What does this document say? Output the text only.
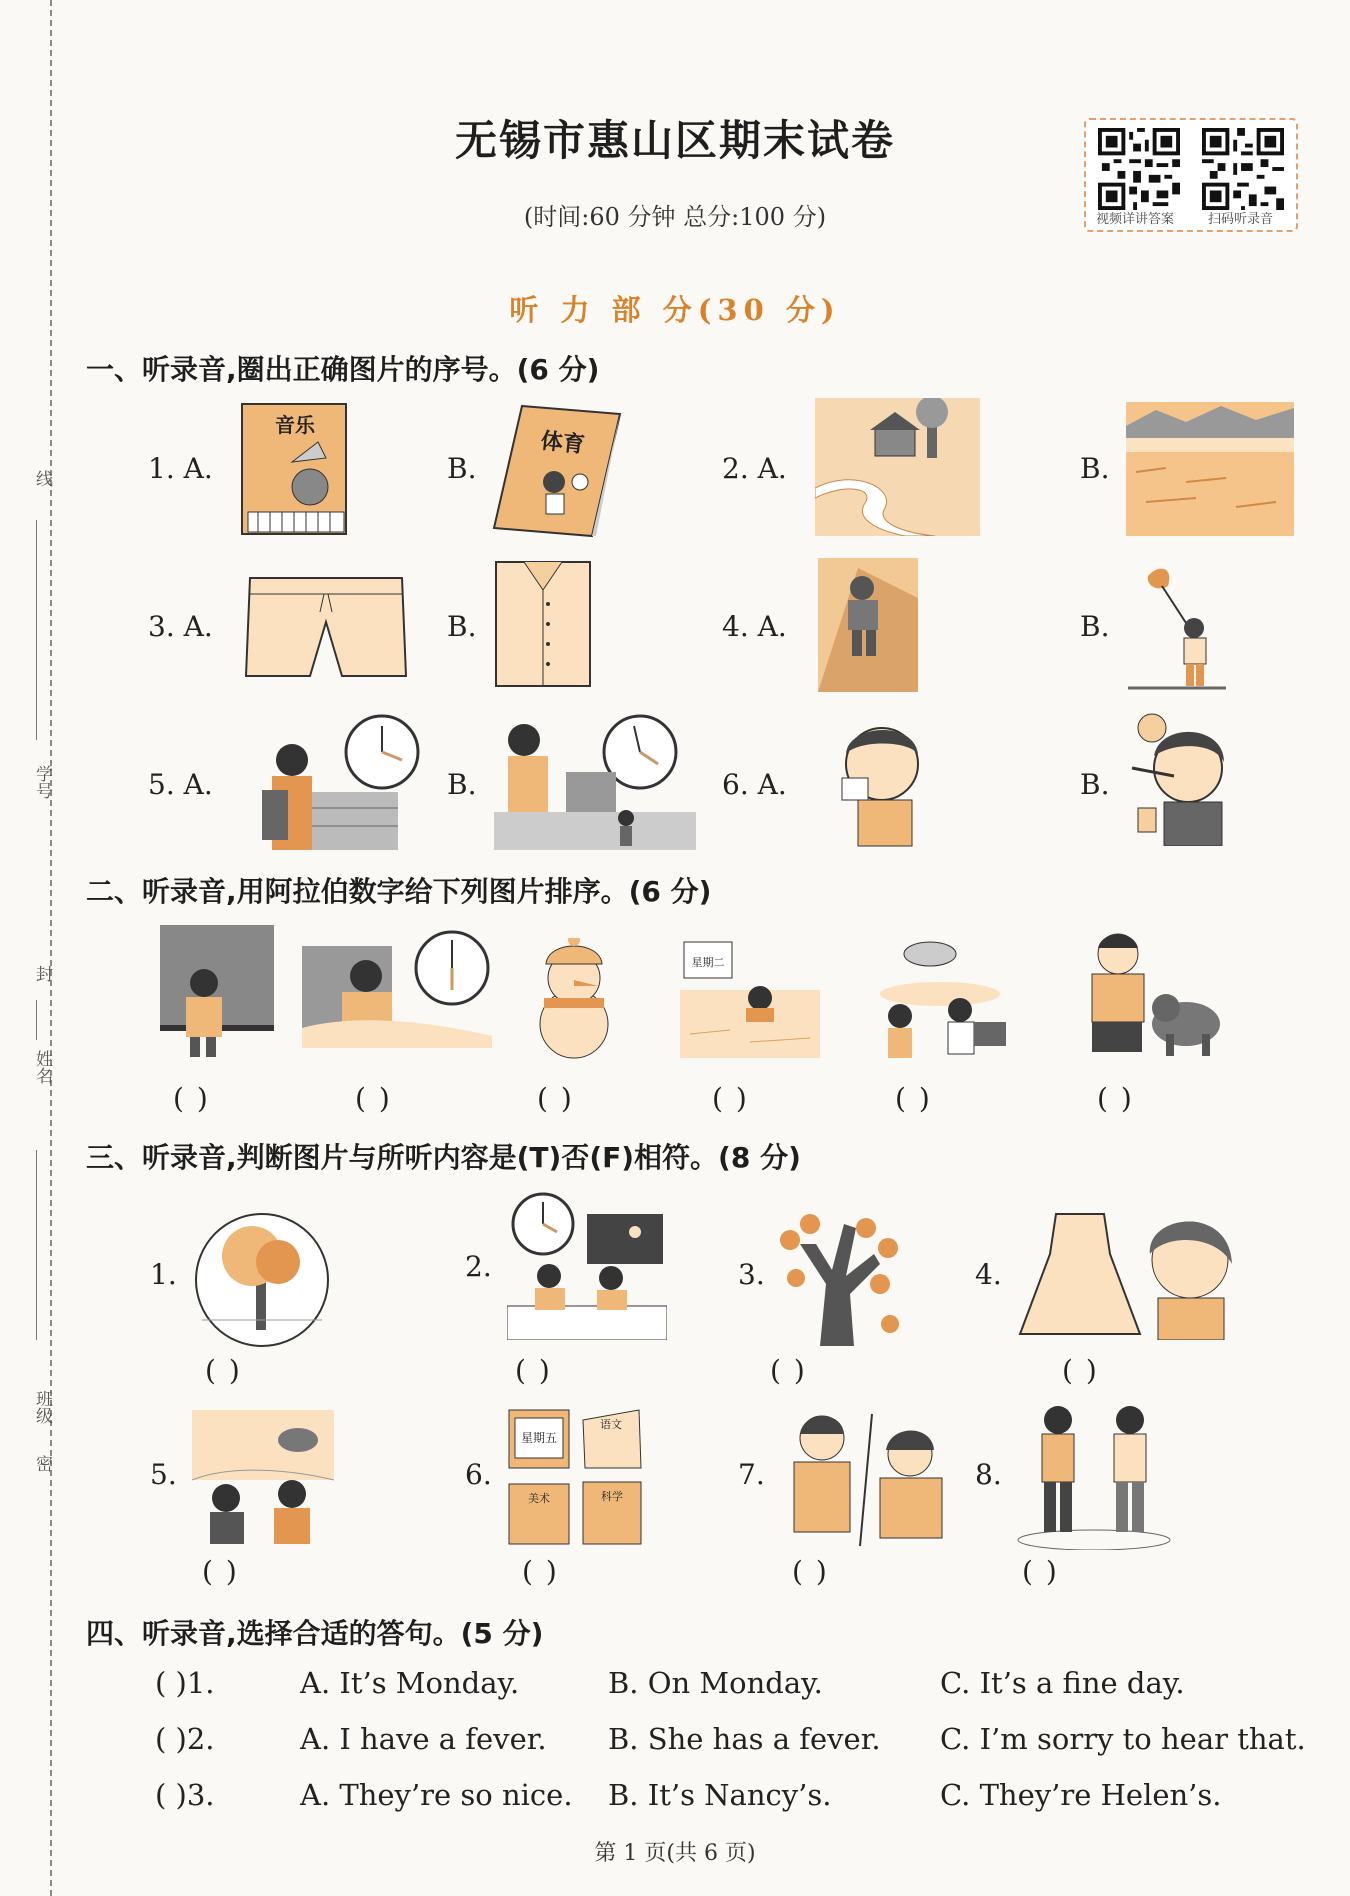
线
学号
封
姓名
班级
密
无锡市惠山区期末试卷
(时间:60 分钟 总分:100 分)	视频详讲答案	扫码听录音
听 力 部 分(30 分)
一、听录音,圈出正确图片的序号。(6 分)
1. A.
音乐
B.
体育
2. A.	B.
3. A.	B.	4. A.	B.
5. A.	B.	6. A.	B.
二、听录音,用阿拉伯数字给下列图片排序。(6 分)
星期二
( )	( )	( )	( )	( )	( )
三、听录音,判断图片与所听内容是(T)否(F)相符。(8 分)
1.	2.	3.	4.
( )	( )	( )	( )
5.	6.
星期五
语文
美术	科学
7.	8.
( )	( )	( )	( )
四、听录音,选择合适的答句。(5 分)
( )1.	A. It’s Monday.	B. On Monday.	C. It’s a fine day.
( )2.	A. I have a fever. B. She has a fever. C. I’m sorry to hear that.
( )3.	A. They’re so nice. B. It’s Nancy’s.	C. They’re Helen’s.
第 1 页(共 6 页)
